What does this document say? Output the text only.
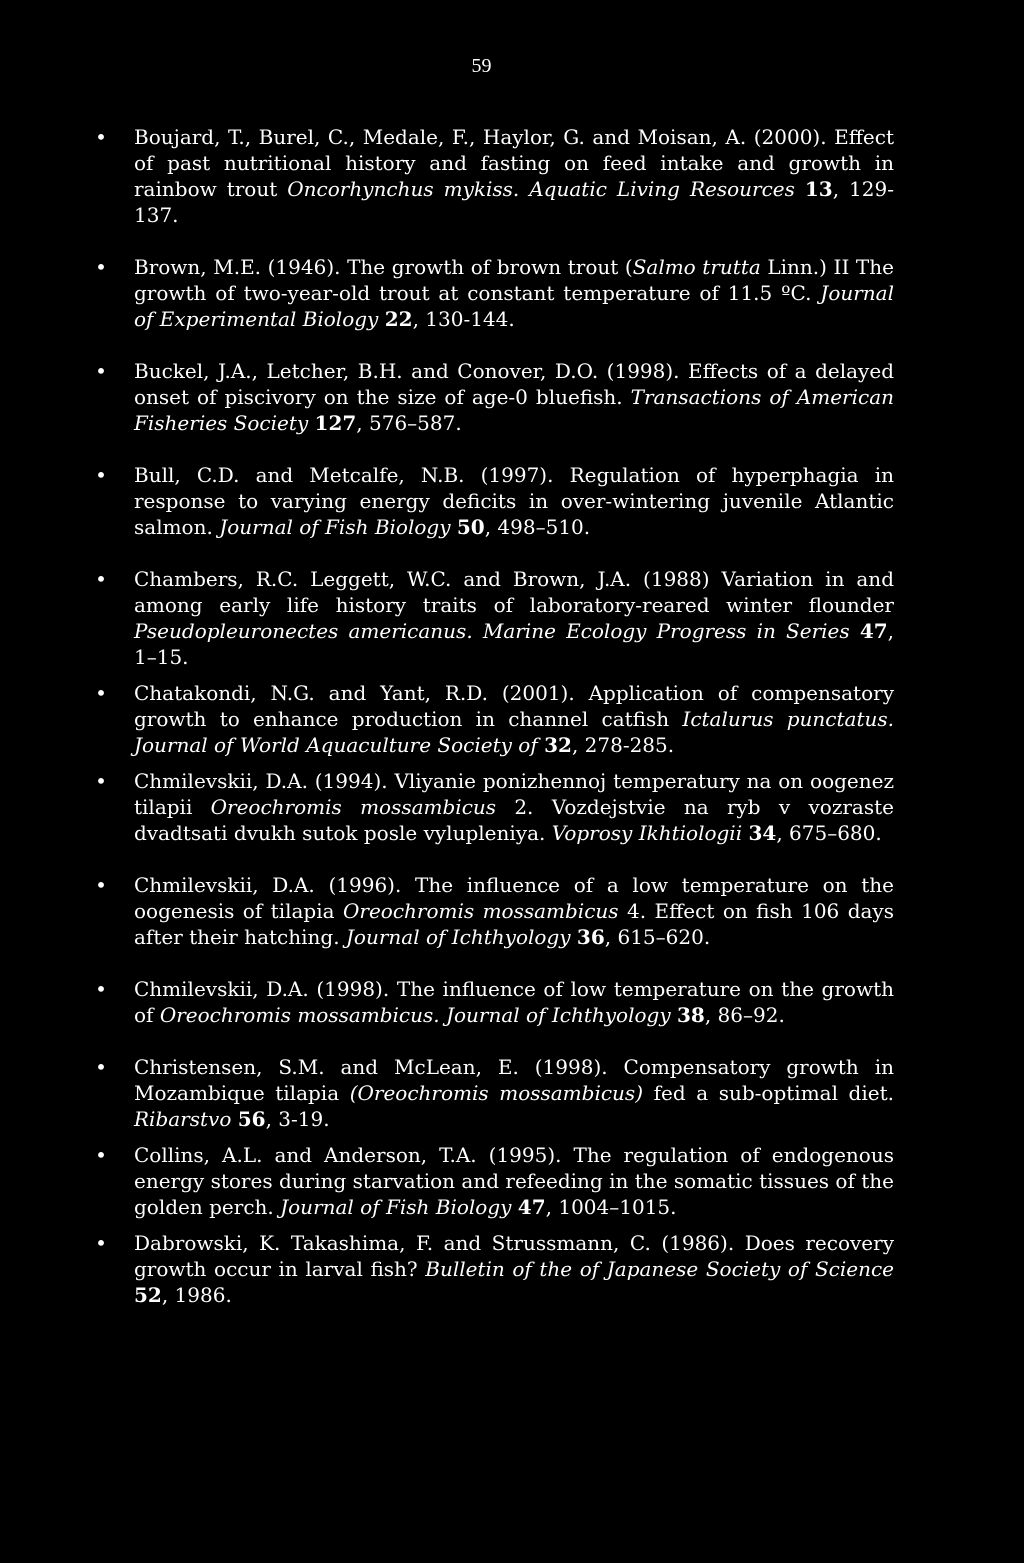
59
• Boujard, T., Burel, C., Medale, F., Haylor, G. and Moisan, A. (2000). Effect of past nutritional history and fasting on feed intake and growth in rainbow trout Oncorhynchus mykiss. Aquatic Living Resources 13, 129-137.
• Brown, M.E. (1946). The growth of brown trout (Salmo trutta Linn.) II The growth of two-year-old trout at constant temperature of 11.5 ºC. Journal of Experimental Biology 22, 130-144.
• Buckel, J.A., Letcher, B.H. and Conover, D.O. (1998). Effects of a delayed onset of piscivory on the size of age-0 bluefish. Transactions of American Fisheries Society 127, 576–587.
• Bull, C.D. and Metcalfe, N.B. (1997). Regulation of hyperphagia in response to varying energy deficits in over-wintering juvenile Atlantic salmon. Journal of Fish Biology 50, 498–510.
• Chambers, R.C. Leggett, W.C. and Brown, J.A. (1988) Variation in and among early life history traits of laboratory-reared winter flounder Pseudopleuronectes americanus. Marine Ecology Progress in Series 47, 1–15.
• Chatakondi, N.G. and Yant, R.D. (2001). Application of compensatory growth to enhance production in channel catfish Ictalurus punctatus. Journal of World Aquaculture Society of 32, 278-285.
• Chmilevskii, D.A. (1994). Vliyanie ponizhennoj temperatury na on oogenez tilapii Oreochromis mossambicus 2. Vozdejstvie na ryb v vozraste dvadtsati dvukh sutok posle vylupleniya. Voprosy Ikhtiologii 34, 675–680.
• Chmilevskii, D.A. (1996). The influence of a low temperature on the oogenesis of tilapia Oreochromis mossambicus 4. Effect on fish 106 days after their hatching. Journal of Ichthyology 36, 615–620.
• Chmilevskii, D.A. (1998). The influence of low temperature on the growth of Oreochromis mossambicus. Journal of Ichthyology 38, 86–92.
• Christensen, S.M. and McLean, E. (1998). Compensatory growth in Mozambique tilapia (Oreochromis mossambicus) fed a sub-optimal diet. Ribarstvo 56, 3-19.
• Collins, A.L. and Anderson, T.A. (1995). The regulation of endogenous energy stores during starvation and refeeding in the somatic tissues of the golden perch. Journal of Fish Biology 47, 1004–1015.
• Dabrowski, K. Takashima, F. and Strussmann, C. (1986). Does recovery growth occur in larval fish? Bulletin of the of Japanese Society of Science 52, 1986.
